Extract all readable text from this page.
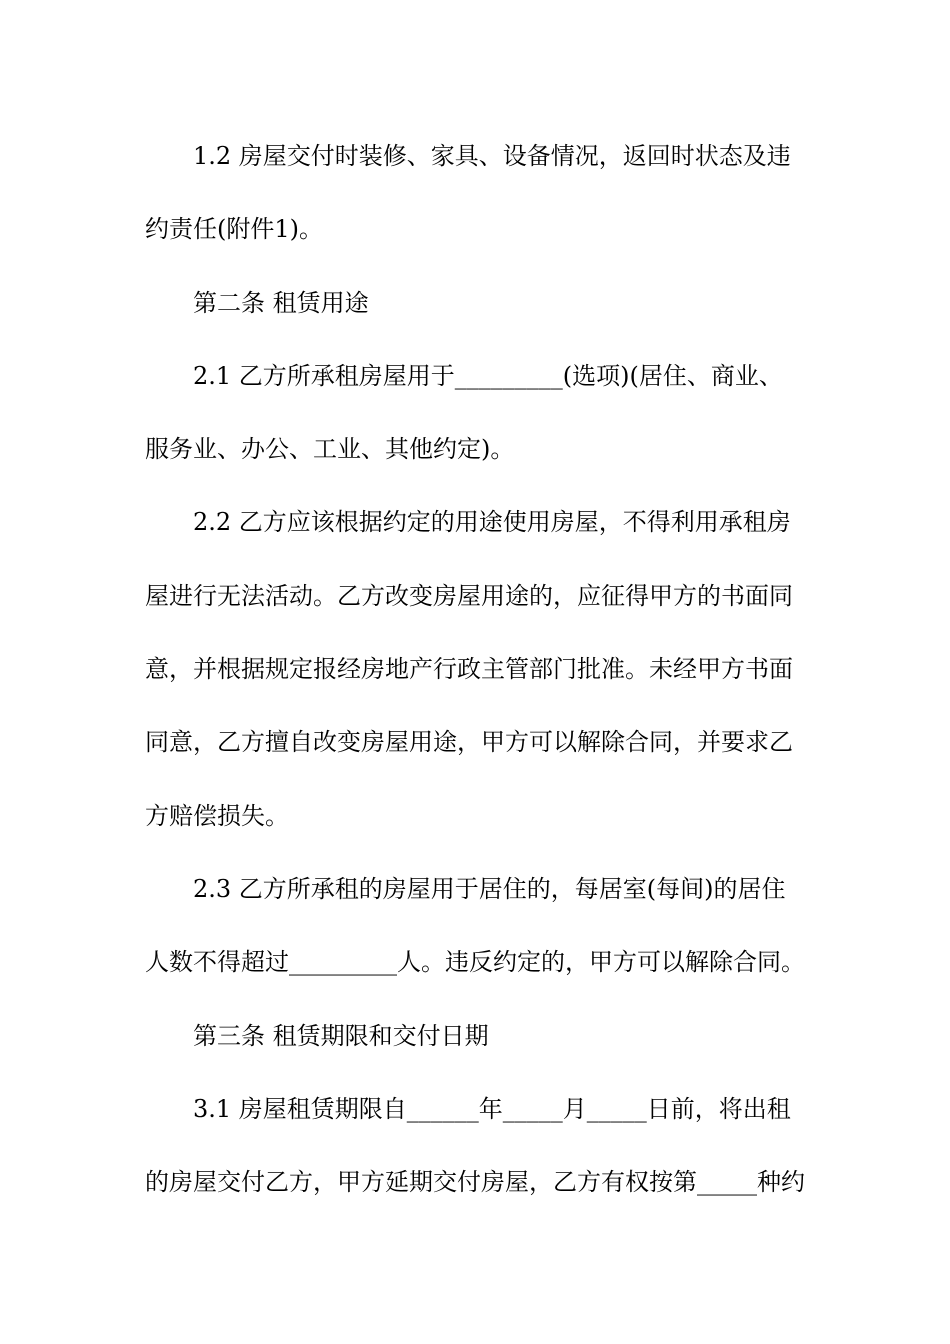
1.2 房屋交付时装修、家具、设备情况，返回时状态及违
约责任(附件1)。
第二条 租赁用途
2.1 乙方所承租房屋用于_________(选项)(居住、商业、
服务业、办公、工业、其他约定)。
2.2 乙方应该根据约定的用途使用房屋，不得利用承租房
屋进行无法活动。乙方改变房屋用途的，应征得甲方的书面同
意，并根据规定报经房地产行政主管部门批准。未经甲方书面
同意，乙方擅自改变房屋用途，甲方可以解除合同，并要求乙
方赔偿损失。
2.3 乙方所承租的房屋用于居住的，每居室(每间)的居住
人数不得超过_________人。违反约定的，甲方可以解除合同。
第三条 租赁期限和交付日期
3.1 房屋租赁期限自______年_____月_____日前，将出租
的房屋交付乙方，甲方延期交付房屋，乙方有权按第_____种约
